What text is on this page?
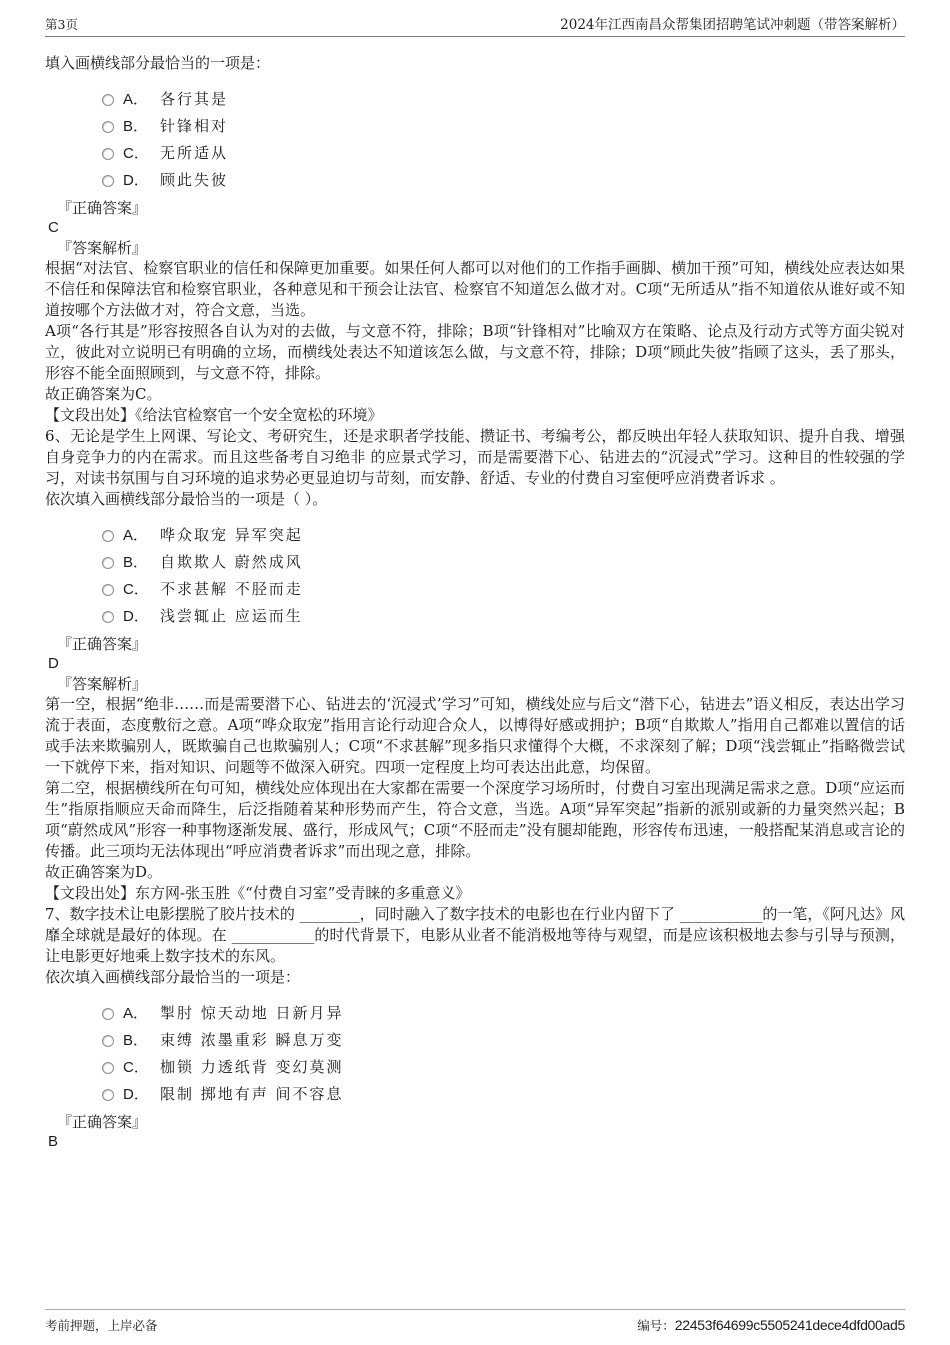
第3页	2024年江西南昌众帮集团招聘笔试冲刺题（带答案解析）

填入画横线部分最恰当的一项是：

A． 各行其是
B． 针锋相对
C． 无所适从
D． 顾此失彼

『正确答案』

C

『答案解析』

根据“对法官、检察官职业的信任和保障更加重要。如果任何人都可以对他们的工作指手画脚、横加干预”可知，横线处应表达如果不信任和保障法官和检察官职业，各种意见和干预会让法官、检察官不知道怎么做才对。C项“无所适从”指不知道依从谁好或不知道按哪个方法做才对，符合文意，当选。

A项“各行其是”形容按照各自认为对的去做，与文意不符，排除；B项“针锋相对”比喻双方在策略、论点及行动方式等方面尖锐对立，彼此对立说明已有明确的立场，而横线处表达不知道该怎么做，与文意不符，排除；D项“顾此失彼”指顾了这头，丢了那头，形容不能全面照顾到，与文意不符，排除。

故正确答案为C。

【文段出处】《给法官检察官一个安全宽松的环境》

6、无论是学生上网课、写论文、考研究生，还是求职者学技能、攒证书、考编考公，都反映出年轻人获取知识、提升自我、增强自身竞争力的内在需求。而且这些备考自习绝非 的应景式学习，而是需要潜下心、钻进去的“沉浸式”学习。这种目的性较强的学习，对读书氛围与自习环境的追求势必更显迫切与苛刻，而安静、舒适、专业的付费自习室便呼应消费者诉求 。

依次填入画横线部分最恰当的一项是（ ）。

A． 哗众取宠 异军突起
B． 自欺欺人 蔚然成风
C． 不求甚解 不胫而走
D． 浅尝辄止 应运而生

『正确答案』

D

『答案解析』

第一空，根据“绝非……而是需要潜下心、钻进去的‘沉浸式’学习”可知，横线处应与后文“潜下心，钻进去”语义相反，表达出学习流于表面，态度敷衍之意。A项“哗众取宠”指用言论行动迎合众人，以博得好感或拥护；B项“自欺欺人”指用自己都难以置信的话或手法来欺骗别人，既欺骗自己也欺骗别人；C项“不求甚解”现多指只求懂得个大概，不求深刻了解；D项“浅尝辄止”指略微尝试一下就停下来，指对知识、问题等不做深入研究。四项一定程度上均可表达出此意，均保留。

第二空，根据横线所在句可知，横线处应体现出在大家都在需要一个深度学习场所时，付费自习室出现满足需求之意。D项“应运而生”指原指顺应天命而降生，后泛指随着某种形势而产生，符合文意，当选。A项“异军突起”指新的派别或新的力量突然兴起；B项“蔚然成风”形容一种事物逐渐发展、盛行，形成风气；C项“不胫而走”没有腿却能跑，形容传布迅速，一般搭配某消息或言论的传播。此三项均无法体现出“呼应消费者诉求”而出现之意，排除。

故正确答案为D。

【文段出处】东方网-张玉胜《“付费自习室”受青睐的多重意义》

7、数字技术让电影摆脱了胶片技术的 ________，同时融入了数字技术的电影也在行业内留下了 ___________的一笔，《阿凡达》风靡全球就是最好的体现。在 ___________的时代背景下，电影从业者不能消极地等待与观望，而是应该积极地去参与引导与预测，让电影更好地乘上数字技术的东风。

依次填入画横线部分最恰当的一项是：

A． 掣肘 惊天动地 日新月异
B． 束缚 浓墨重彩 瞬息万变
C． 枷锁 力透纸背 变幻莫测
D． 限制 掷地有声 间不容息

『正确答案』

B

考前押题，上岸必备	编号：22453f64699c5505241dece4dfd00ad5
